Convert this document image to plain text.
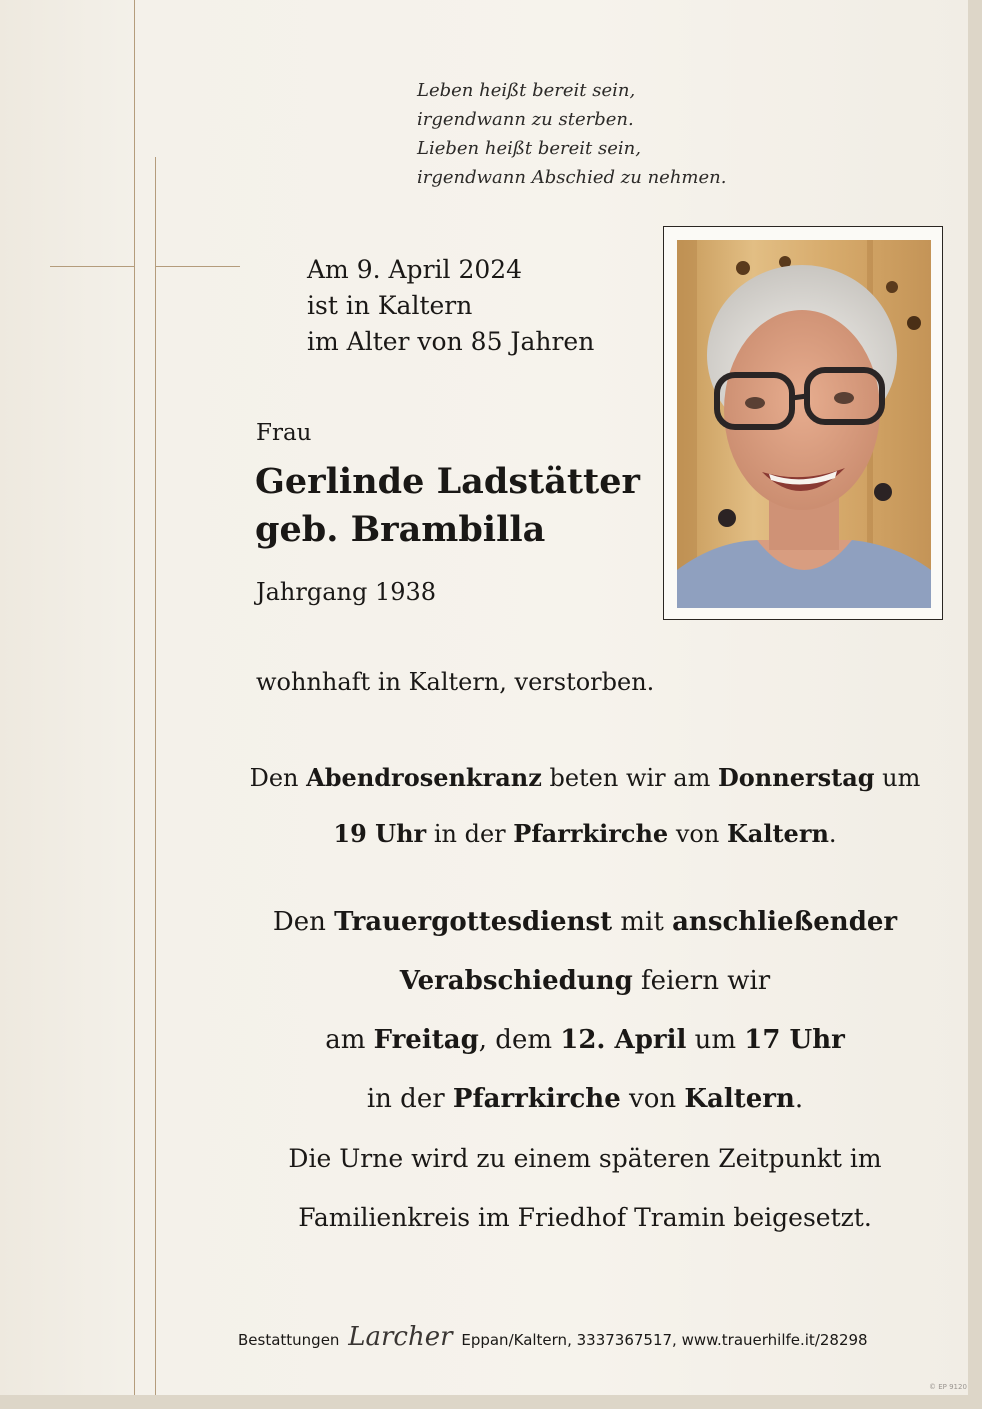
Leben heißt bereit sein,
irgendwann zu sterben.
Lieben heißt bereit sein,
irgendwann Abschied zu nehmen.
Am 9. April 2024
ist in Kaltern
im Alter von 85 Jahren
Frau
Gerlinde Ladstätter
geb. Brambilla
Jahrgang 1938
wohnhaft in Kaltern, verstorben.
Den Abendrosenkranz beten wir am Donnerstag um
19 Uhr in der Pfarrkirche von Kaltern.
Den Trauergottesdienst mit anschließender
Verabschiedung feiern wir
am Freitag, dem 12. April um 17 Uhr
in der Pfarrkirche von Kaltern.
Die Urne wird zu einem späteren Zeitpunkt im
Familienkreis im Friedhof Tramin beigesetzt.
Bestattungen Larcher Eppan/Kaltern, 3337367517, www.trauerhilfe.it/28298
© EP 9120
